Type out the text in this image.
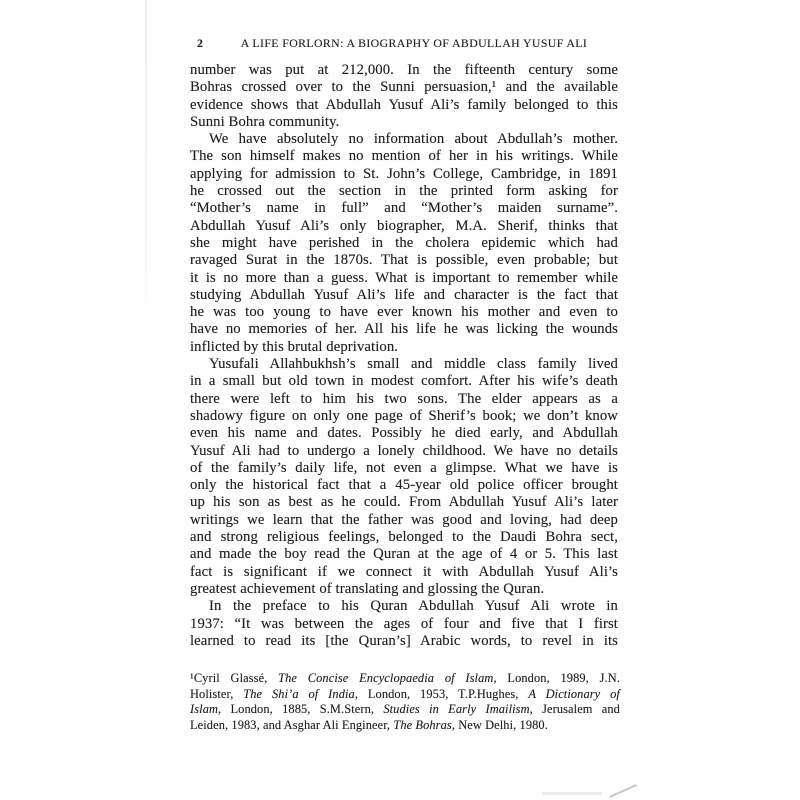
2	A LIFE FORLORN: A BIOGRAPHY OF ABDULLAH YUSUF ALI
number was put at 212,000. In the fifteenth century some
Bohras crossed over to the Sunni persuasion,¹ and the available
evidence shows that Abdullah Yusuf Ali’s family belonged to this
Sunni Bohra community.
We have absolutely no information about Abdullah’s mother.
The son himself makes no mention of her in his writings. While
applying for admission to St. John’s College, Cambridge, in 1891
he crossed out the section in the printed form asking for
“Mother’s name in full” and “Mother’s maiden surname”.
Abdullah Yusuf Ali’s only biographer, M.A. Sherif, thinks that
she might have perished in the cholera epidemic which had
ravaged Surat in the 1870s. That is possible, even probable; but
it is no more than a guess. What is important to remember while
studying Abdullah Yusuf Ali’s life and character is the fact that
he was too young to have ever known his mother and even to
have no memories of her. All his life he was licking the wounds
inflicted by this brutal deprivation.
Yusufali Allahbukhsh’s small and middle class family lived
in a small but old town in modest comfort. After his wife’s death
there were left to him his two sons. The elder appears as a
shadowy figure on only one page of Sherif’s book; we don’t know
even his name and dates. Possibly he died early, and Abdullah
Yusuf Ali had to undergo a lonely childhood. We have no details
of the family’s daily life, not even a glimpse. What we have is
only the historical fact that a 45-year old police officer brought
up his son as best as he could. From Abdullah Yusuf Ali’s later
writings we learn that the father was good and loving, had deep
and strong religious feelings, belonged to the Daudi Bohra sect,
and made the boy read the Quran at the age of 4 or 5. This last
fact is significant if we connect it with Abdullah Yusuf Ali’s
greatest achievement of translating and glossing the Quran.
In the preface to his Quran Abdullah Yusuf Ali wrote in
1937: “It was between the ages of four and five that I first
learned to read its [the Quran’s] Arabic words, to revel in its
¹Cyril Glassé, The Concise Encyclopaedia of Islam, London, 1989, J.N.
Holister, The Shi’a of India, London, 1953, T.P.Hughes, A Dictionary of
Islam, London, 1885, S.M.Stern, Studies in Early Imailism, Jerusalem and
Leiden, 1983, and Asghar Ali Engineer, The Bohras, New Delhi, 1980.
